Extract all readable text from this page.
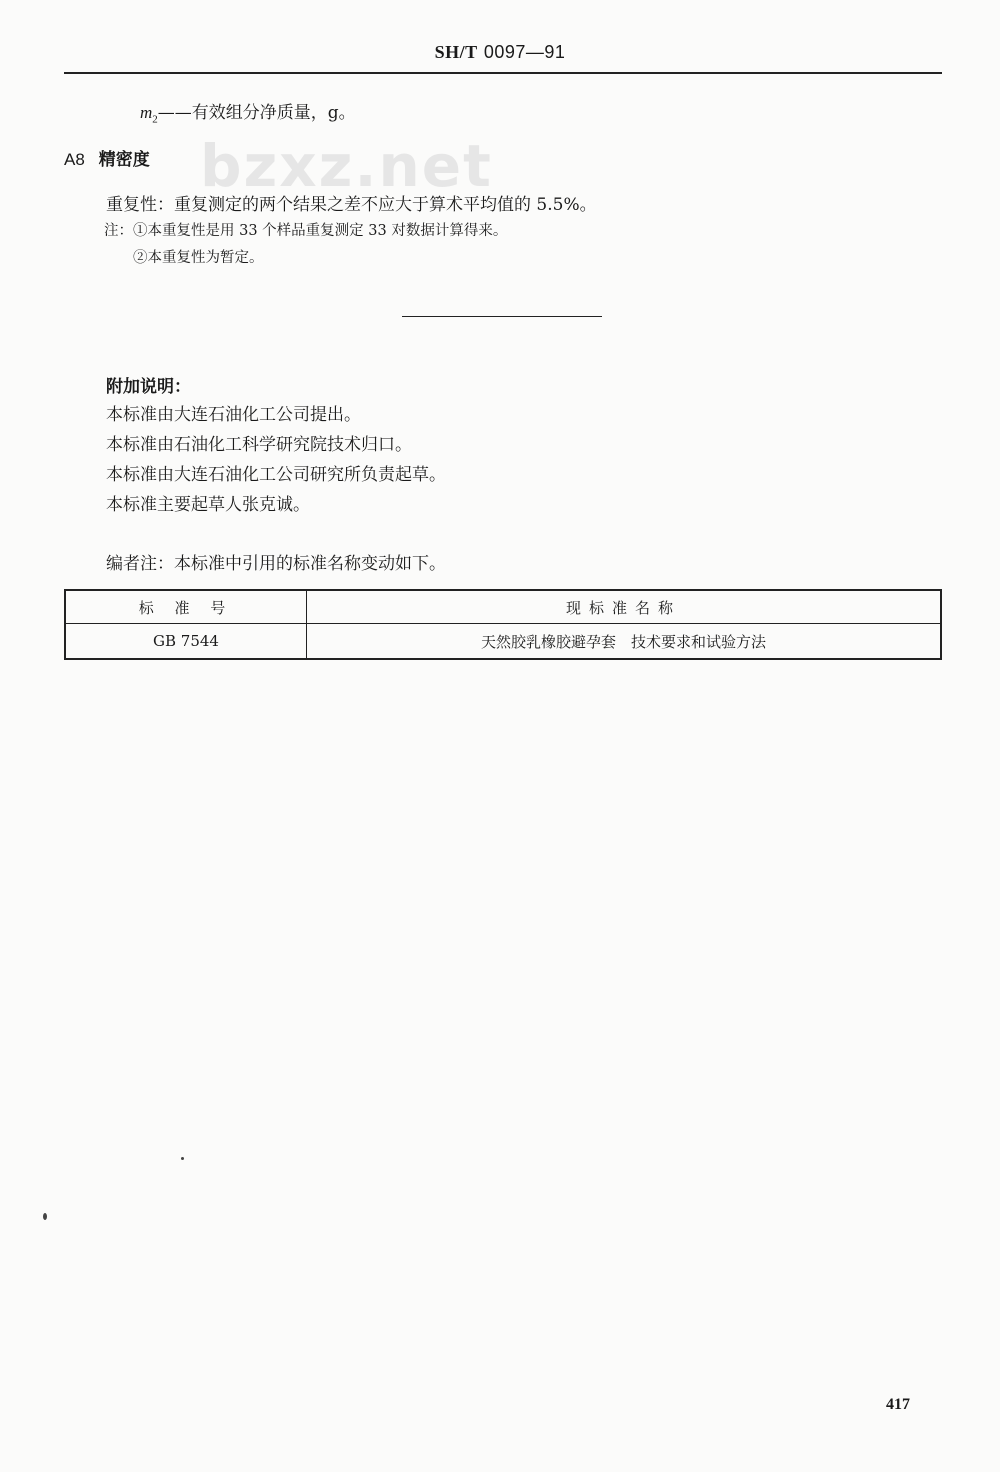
SH/T 0097—91
bzxz.net
$m_2——$有效组分净质量，g。
A8 精密度
重复性：重复测定的两个结果之差不应大于算术平均值的 5.5%。
注：①本重复性是用 33 个样品重复测定 33 对数据计算得来。
②本重复性为暂定。
附加说明：
本标准由大连石油化工公司提出。
本标准由石油化工科学研究院技术归口。
本标准由大连石油化工公司研究所负责起草。
本标准主要起草人张克诚。
编者注：本标准中引用的标准名称变动如下。
标 准 号	现标准名称
GB 7544	天然胶乳橡胶避孕套　技术要求和试验方法
417
